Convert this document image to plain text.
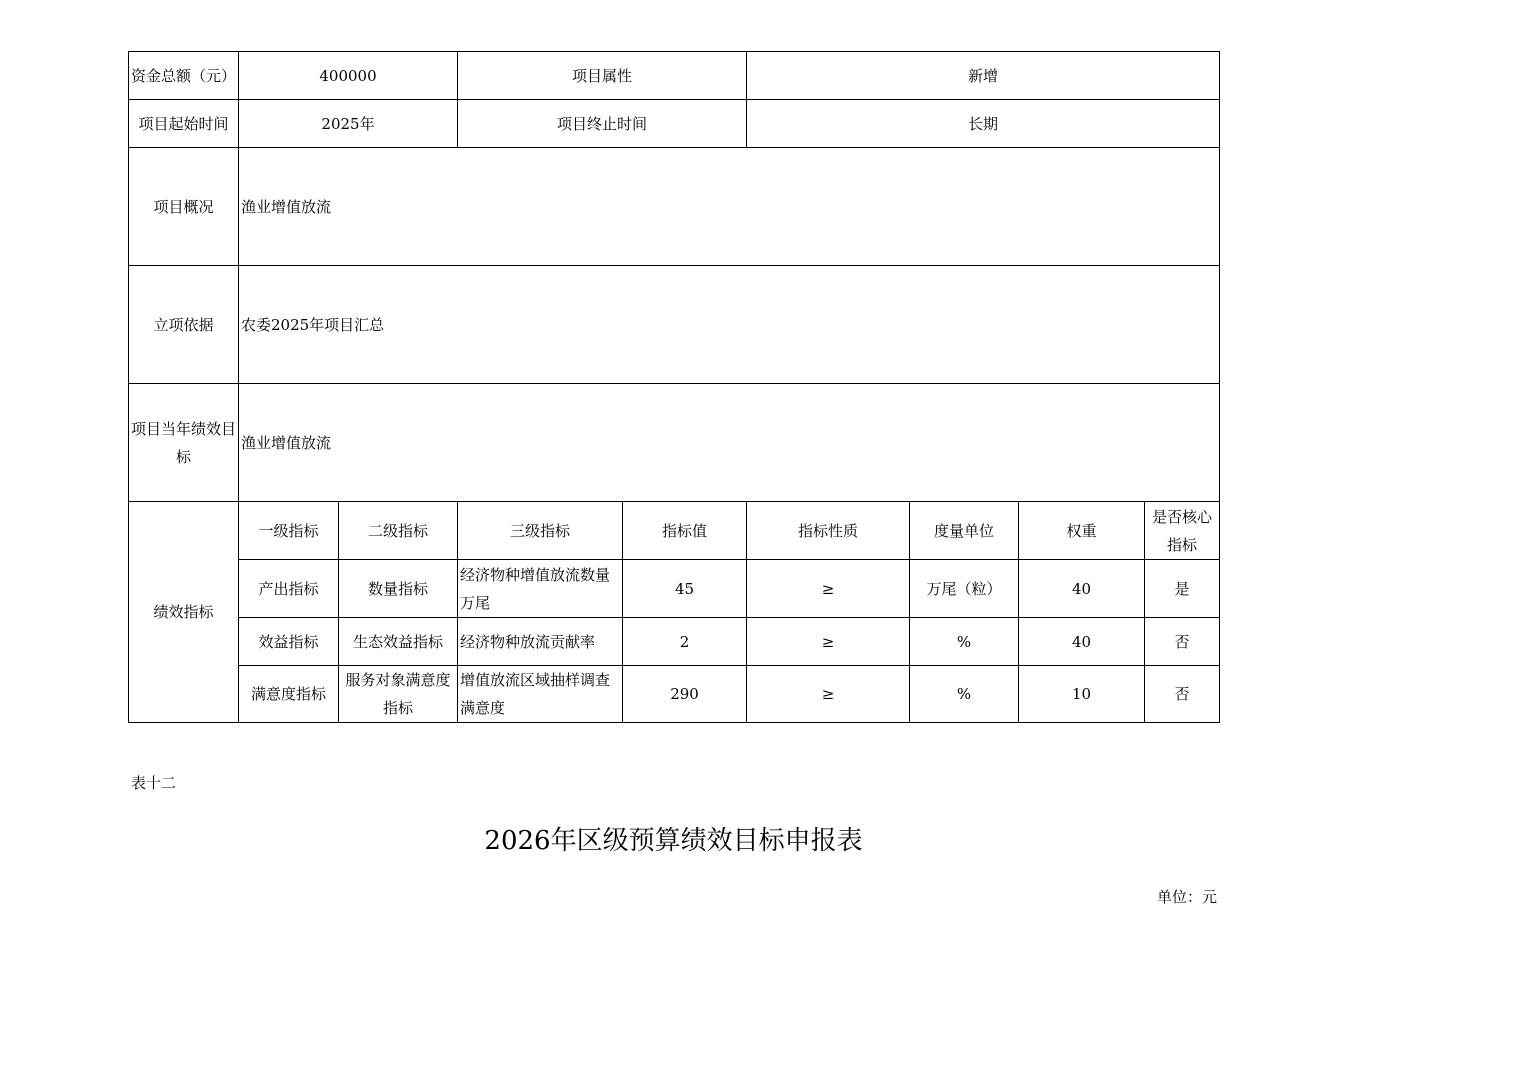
资金总额（元）	400000		项目属性		新增			
项目起始时间	2025年		项目终止时间		长期			
项目概况	渔业增值放流							
立项依据	农委2025年项目汇总							
项目当年绩效目标	渔业增值放流							
绩效指标	一级指标	二级指标	三级指标	指标值	指标性质	度量单位	权重	是否核心指标
	产出指标	数量指标	经济物种增值放流数量万尾	45	≥	万尾（粒）	40	是
	效益指标	生态效益指标	经济物种放流贡献率	2	≥	%	40	否
	满意度指标	服务对象满意度指标	增值放流区域抽样调查满意度	290	≥	%	10	否
表十二
2026年区级预算绩效目标申报表
单位：元
